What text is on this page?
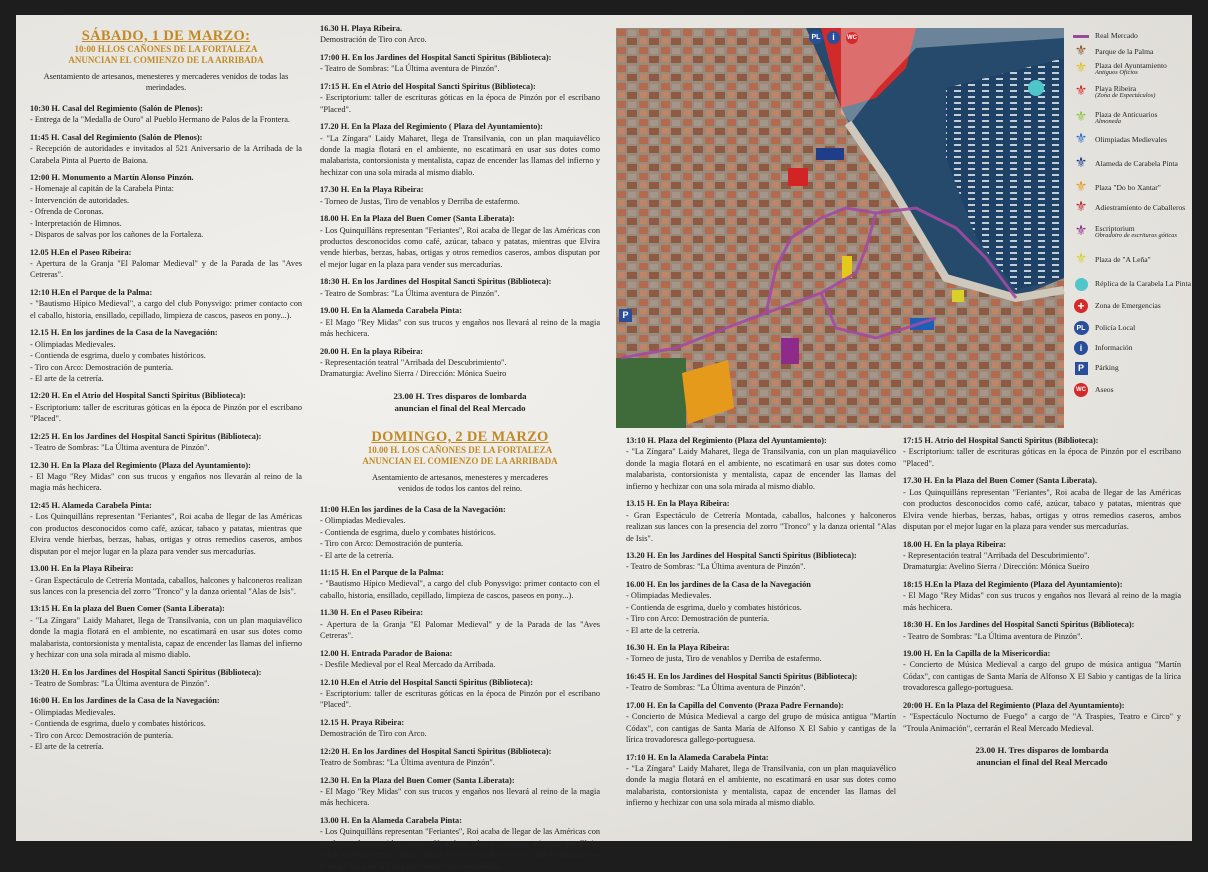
SÁBADO, 1 DE MARZO:
10:00 H.LOS CAÑONES DE LA FORTALEZA
ANUNCIAN EL COMIENZO DE LA ARRIBADA
Asentamiento de artesanos, menesteres y mercaderes venidos de todas las merindades.
10:30 H. Casal del Regimiento (Salón de Plenos):
- Entrega de la "Medalla de Ouro" al Pueblo Hermano de Palos de la Frontera.
11:45 H. Casal del Regimiento (Salón de Plenos):
- Recepción de autoridades e invitados al 521 Aniversario de la Arribada de la Carabela Pinta al Puerto de Baiona.
12:00 H. Monumento a Martín Alonso Pinzón.
- Homenaje al capitán de la Carabela Pinta:
- Intervención de autoridades.
- Ofrenda de Coronas.
- Interpretación de Himnos.
- Disparos de salvas por los cañones de la Fortaleza.
12.05 H.En el Paseo Ribeira:
- Apertura de la Granja "El Palomar Medieval" y de la Parada de las "Aves Cetreras".
12:10 H.En el Parque de la Palma:
- "Bautismo Hípico Medieval", a cargo del club Ponysvigo: primer contacto con el caballo, historia, ensillado, cepillado, limpieza de cascos, paseos en pony...).
12.15 H. En los jardines de la Casa de la Navegación:
- Olimpiadas Medievales.
- Contienda de esgrima, duelo y combates históricos.
- Tiro con Arco: Demostración de puntería.
- El arte de la cetrería.
12:20 H. En el Atrio del Hospital Sancti Spiritus (Biblioteca):
- Escriptorium: taller de escrituras góticas en la época de Pinzón por el escribano "Placed".
12:25 H. En los Jardines del Hospital Sancti Spiritus (Biblioteca):
- Teatro de Sombras: "La Última aventura de Pinzón".
12.30 H. En la Plaza del Regimiento (Plaza del Ayuntamiento):
- El Mago "Rey Midas" con sus trucos y engaños nos llevarán al reino de la magia más hechicera.
12:45 H. Alameda Carabela Pinta:
- Los Quinquilláns representan "Feriantes", Roi acaba de llegar de las Américas con productos desconocidos como café, azúcar, tabaco y patatas, mientras que Elvira vende hierbas, berzas, habas, ortigas y otros remedios caseros, ambos disputan por el mejor lugar en la plaza para vender sus mercadurías.
13.00 H. En la Playa Ribeira:
- Gran Espectáculo de Cetrería Montada, caballos, halcones y halconeros realizan sus lances con la presencia del zorro "Tronco" y la danza oriental "Alas de Isis".
13:15 H. En la plaza del Buen Comer (Santa Liberata):
- "La Zíngara" Laidy Maharet, llega de Transilvania, con un plan maquiavélico donde la magia flotará en el ambiente, no escatimará en usar sus dotes como malabarista, contorsionista y mentalista, capaz de encender las llamas del infierno y hechizar con una sola mirada al mismo diablo.
13:20 H. En los Jardines del Hospital Sancti Spiritus (Biblioteca):
- Teatro de Sombras: "La Última aventura de Pinzón".
16:00 H. En los Jardines de la Casa de la Navegación:
- Olimpiadas Medievales.
- Contienda de esgrima, duelo y combates históricos.
- Tiro con Arco: Demostración de puntería.
- El arte de la cetrería.
16.30 H. Playa Ribeira.
Demostración de Tiro con Arco.
17:00 H. En los Jardines del Hospital Sancti Spiritus (Biblioteca):
- Teatro de Sombras: "La Última aventura de Pinzón".
17:15 H. En el Atrio del Hospital Sancti Spiritus (Biblioteca):
- Escriptorium: taller de escrituras góticas en la época de Pinzón por el escribano "Placed".
17.20 H. En la Plaza del Regimiento ( Plaza del Ayuntamiento):
- "La Zíngara" Laidy Maharet, llega de Transilvania, con un plan maquiavélico donde la magia flotará en el ambiente, no escatimará en usar sus dotes como malabarista, contorsionista y mentalista, capaz de encender las llamas del infierno y hechizar con una sola mirada al mismo diablo.
17.30 H. En la Playa Ribeira:
- Torneo de Justas, Tiro de venablos y Derriba de estafermo.
18.00 H. En la Plaza del Buen Comer (Santa Liberata):
- Los Quinquilláns representan "Feriantes", Roi acaba de llegar de las Américas con productos desconocidos como café, azúcar, tabaco y patatas, mientras que Elvira vende hierbas, berzas, habas, ortigas y otros remedios caseros, ambos disputan por el mejor lugar en la plaza para vender sus mercadurías.
18:30 H. En los Jardines del Hospital Sancti Spiritus (Biblioteca):
- Teatro de Sombras: "La Última aventura de Pinzón".
19.00 H. En la Alameda Carabela Pinta:
- El Mago "Rey Midas" con sus trucos y engaños nos llevará al reino de la magia más hechicera.
20.00 H. En la playa Ribeira:
- Representación teatral "Arribada del Descubrimiento".
Dramaturgia: Avelino Sierra / Dirección: Mónica Sueiro
23.00 H. Tres disparos de lombarda
anuncian el final del Real Mercado
DOMINGO, 2 DE MARZO
10.00 H. LOS CAÑONES DE LA FORTALEZA
ANUNCIAN EL COMIENZO DE LA ARRIBADA
Asentamiento de artesanos, menesteres y mercaderes venidos de todos los cantos del reino.
11:00 H.En los jardines de la Casa de la Navegación:
- Olimpiadas Medievales.
- Contienda de esgrima, duelo y combates históricos.
- Tiro con Arco: Demostración de puntería.
- El arte de la cetrería.
11:15 H. En el Parque de la Palma:
- "Bautismo Hípico Medieval", a cargo del club Ponysvigo: primer contacto con el caballo, historia, ensillado, cepillado, limpieza de cascos, paseos en pony...).
11.30 H. En el Paseo Ribeira:
- Apertura de la Granja "El Palomar Medieval" y de la Parada de las "Aves Cetreras".
12.00 H. Entrada Parador de Baiona:
- Desfile Medieval por el Real Mercado da Arribada.
12.10 H.En el Atrio del Hospital Sancti Spiritus (Biblioteca):
- Escriptorium: taller de escrituras góticas en la época de Pinzón por el escribano "Placed".
12.15 H. Praya Ribeira:
Demostración de Tiro con Arco.
12:20 H. En los Jardines del Hospital Sancti Spiritus (Biblioteca):
Teatro de Sombras: "La Última aventura de Pinzón".
12.30 H. En la Plaza del Buen Comer (Santa Liberata):
- El Mago "Rey Midas" con sus trucos y engaños nos llevará al reino de la magia más hechicera.
13.00 H. En la Alameda Carabela Pinta:
- Los Quinquilláns representan "Feriantes", Roi acaba de llegar de las Américas con productos desconocidos como café, azúcar, tabaco y patatas, mientras que Elvira vende hierbas, berzas, habas, ortigas y otros remedios caseros, ambos disputan por el mejor lugar en la plaza para vender sus mercadurías.
P
i
PL	WC	Real Mercado
⚜ Parque de la Palma
⚜ Plaza del Ayuntamiento
Antiguos Oficios
⚜ Playa Ribeira
(Zona de Espectáculos)
⚜ Plaza de Anticuarios
Almoneda
⚜ Olimpiadas Medievales
⚜ Alameda de Carabela Pinta
⚜ Plaza "Do bo Xantar"
⚜ Adiestramiento de Caballeros
⚜ Escriptorium
Obradoiro de escrituras góticas
⚜ Plaza de "A Leña"
Réplica de la Carabela La Pinta
+	Zona de Emergencias
PL	Policía Local
i	Información
P	Párking
WC Aseos
13:10 H. Plaza del Regimiento (Plaza del Ayuntamiento):
- "La Zíngara" Laidy Maharet, llega de Transilvania, con un plan maquiavélico donde la magia flotará en el ambiente, no escatimará en usar sus dotes como malabarista, contorsionista y mentalista, capaz de encender las llamas del infierno y hechizar con una sola mirada al mismo diablo.
13.15 H. En la Playa Ribeira:
- Gran Espectáculo de Cetrería Montada, caballos, halcones y halconeros realizan sus lances con la presencia del zorro "Tronco" y la danza oriental "Alas de Isis".
13.20 H. En los Jardines del Hospital Sancti Spiritus (Biblioteca):
- Teatro de Sombras: "La Última aventura de Pinzón".
16.00 H. En los jardines de la Casa de la Navegación
- Olimpiadas Medievales.
- Contienda de esgrima, duelo y combates históricos.
- Tiro con Arco: Demostración de puntería.
- El arte de la cetrería.
16.30 H. En la Playa Ribeira:
- Torneo de justa, Tiro de venablos y Derriba de estafermo.
16:45 H. En los Jardines del Hospital Sancti Spiritus (Biblioteca):
- Teatro de Sombras: "La Última aventura de Pinzón".
17.00 H. En la Capilla del Convento (Praza Padre Fernando):
- Concierto de Música Medieval a cargo del grupo de música antigua "Martín Códax", con cantigas de Santa María de Alfonso X El Sabio y cantigas de la lírica trovadoresca gallego-portuguesa.
17:10 H. En la Alameda Carabela Pinta:
- "La Zíngara" Laidy Maharet, llega de Transilvania, con un plan maquiavélico donde la magia flotará en el ambiente, no escatimará en usar sus dotes como malabarista, contorsionista y mentalista, capaz de encender las llamas del infierno y hechizar con una sola mirada al mismo diablo.
17:15 H. Atrio del Hospital Sancti Spiritus (Biblioteca):
- Escriptorium: taller de escrituras góticas en la época de Pinzón por el escribano "Placed".
17.30 H. En la Plaza del Buen Comer (Santa Liberata).
- Los Quinquilláns representan "Feriantes", Roi acaba de llegar de las Américas con productos desconocidos como café, azúcar, tabaco y patatas, mientras que Elvira vende hierbas, berzas, habas, ortigas y otros remedios caseros, ambos disputan por el mejor lugar en la plaza para vender sus mercadurías.
18.00 H. En la playa Ribeira:
- Representación teatral "Arribada del Descubrimiento".
Dramaturgia: Avelino Sierra / Dirección: Mónica Sueiro
18:15 H.En la Plaza del Regimiento (Plaza del Ayuntamiento):
- El Mago "Rey Midas" con sus trucos y engaños nos llevará al reino de la magia más hechicera.
18:30 H. En los Jardines del Hospital Sancti Spiritus (Biblioteca):
- Teatro de Sombras: "La Última aventura de Pinzón".
19.00 H. En la Capilla de la Misericordia:
- Concierto de Música Medieval a cargo del grupo de música antigua "Martín Códax", con cantigas de Santa María de Alfonso X El Sabio y cantigas de la lírica trovadoresca gallego-portuguesa.
20:00 H. En la Plaza del Regimiento (Plaza del Ayuntamiento):
- "Espectáculo Nocturno de Fuego" a cargo de "A Traspies, Teatro e Circo" y "Troula Animación", cerrarán el Real Mercado Medieval.
23.00 H. Tres disparos de lombarda
anuncian el final del Real Mercado
